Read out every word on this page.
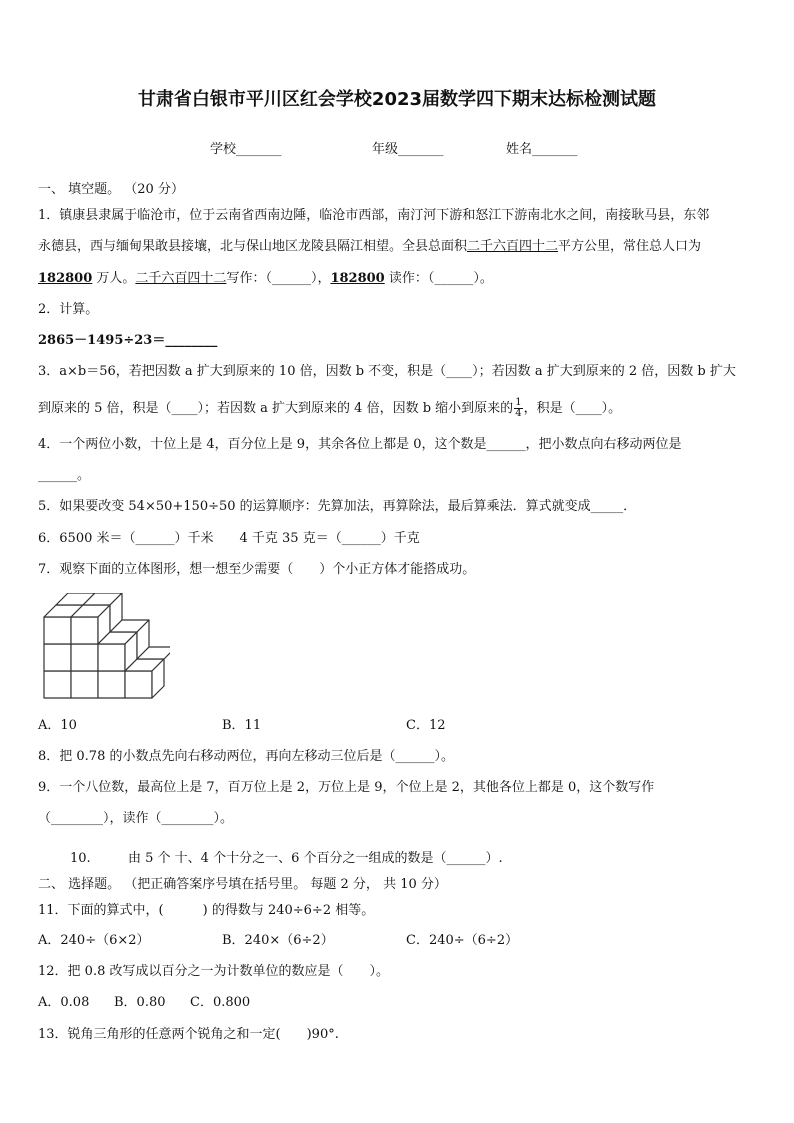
甘肃省白银市平川区红会学校2023届数学四下期末达标检测试题
学校_______	年级_______	姓名_______
一、 填空题。 （20 分）
1．镇康县隶属于临沧市，位于云南省西南边陲，临沧市西部，南汀河下游和怒江下游南北水之间，南接耿马县，东邻
永德县，西与缅甸果敢县接壤，北与保山地区龙陵县隔江相望。全县总面积二千六百四十二平方公里，常住总人口为
182800 万人。二千六百四十二写作：（______），182800 读作：（______）。
2．计算。
2865－1495÷23＝________
3．a×b＝56，若把因数 a 扩大到原来的 10 倍，因数 b 不变，积是（____）；若因数 a 扩大到原来的 2 倍，因数 b 扩大
到原来的 5 倍，积是（____）；若因数 a 扩大到原来的 4 倍，因数 b 缩小到原来的 $\frac{1}{4}$ ，积是（____）。
4．一个两位小数，十位上是 4，百分位上是 9，其余各位上都是 0，这个数是______，把小数点向右移动两位是
______。
5．如果要改变 54×50+150÷50 的运算顺序：先算加法，再算除法，最后算乘法．算式就变成_____．
6．6500 米＝（______）千米　　4 千克 35 克＝（______）千克
7．观察下面的立体图形，想一想至少需要（　　）个小正方体才能搭成功。
A．10	B．11	C．12
8．把 0.78 的小数点先向右移动两位，再向左移动三位后是（______）。
9．一个八位数，最高位上是 7，百万位上是 2，万位上是 9，个位上是 2，其他各位上都是 0，这个数写作
（________），读作（________）。
10.	由 5 个 十、4 个十分之一、6 个百分之一组成的数是（______）.
二、 选择题。 （把正确答案序号填在括号里。 每题 2 分， 共 10 分）
11．下面的算式中，(　　　) 的得数与 240÷6÷2 相等。
A．240÷（6×2）	B．240×（6÷2）	C．240÷（6÷2）
12．把 0.8 改写成以百分之一为计数单位的数应是（　　）。
A．0.08 B．0.80 C．0.800
13．锐角三角形的任意两个锐角之和一定(　　)90°.
